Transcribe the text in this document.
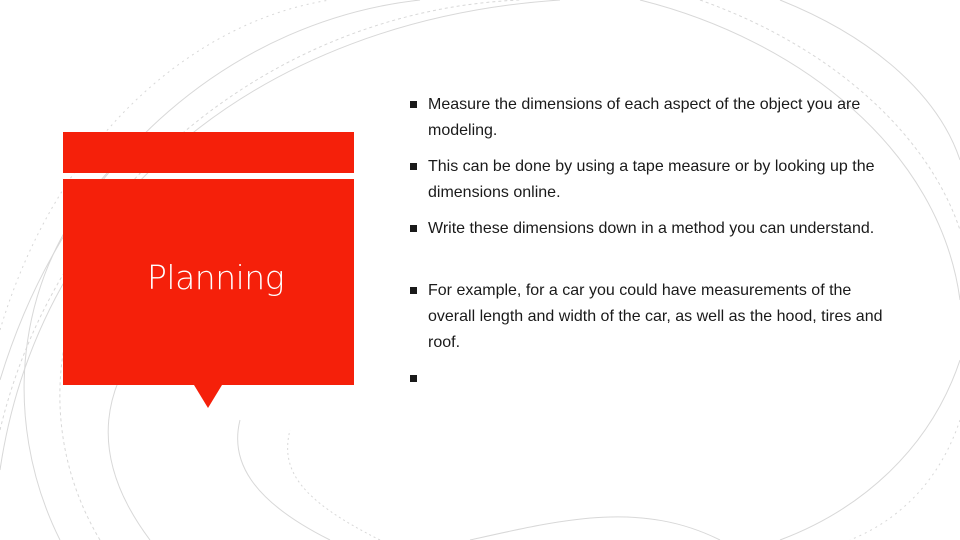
Planning
Measure the dimensions of each aspect of the object you are modeling.
This can be done by using a tape measure or by looking up the dimensions online.
Write these dimensions down in a method you can understand.
For example, for a car you could have measurements of the overall length and width of the car, as well as the hood, tires and roof.
